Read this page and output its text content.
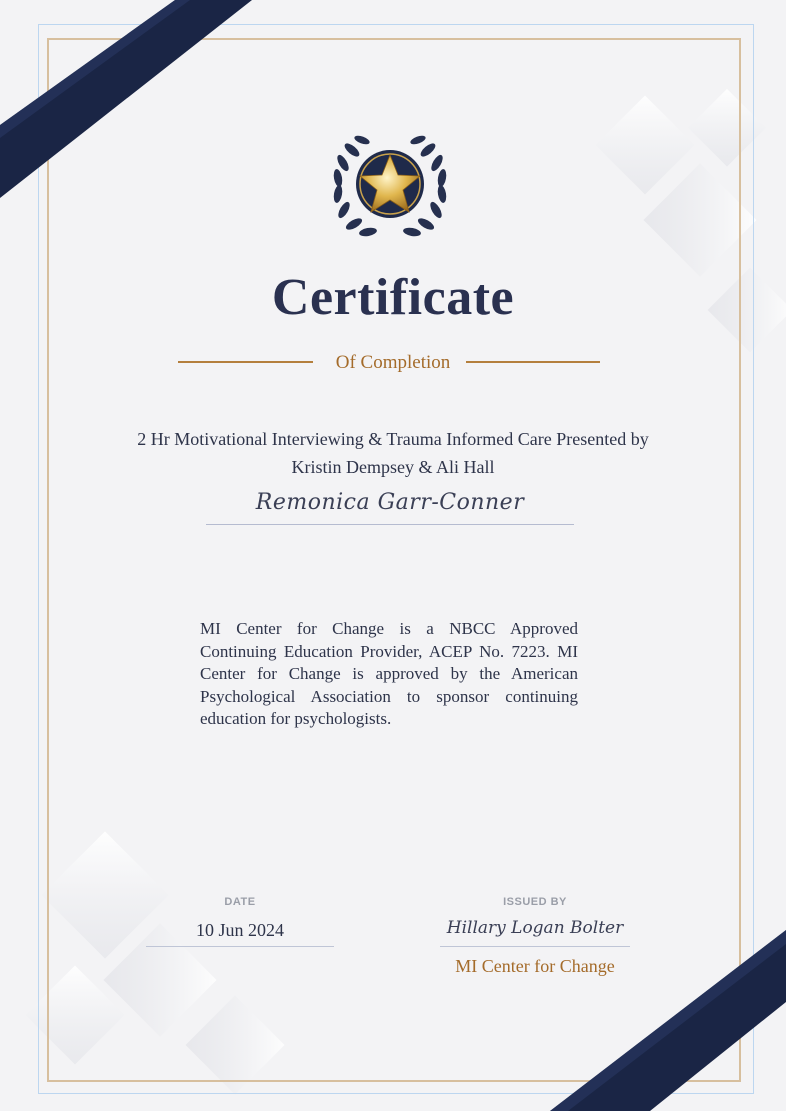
Certificate
Of Completion
2 Hr Motivational Interviewing & Trauma Informed Care Presented by
Kristin Dempsey & Ali Hall
Remonica Garr-Conner
MI Center for Change is a NBCC Approved Continuing Education Provider, ACEP No. 7223. MI Center for Change is approved by the American Psychological Association to sponsor continuing education for psychologists.
DATE
10 Jun 2024
ISSUED BY
Hillary Logan Bolter
MI Center for Change
